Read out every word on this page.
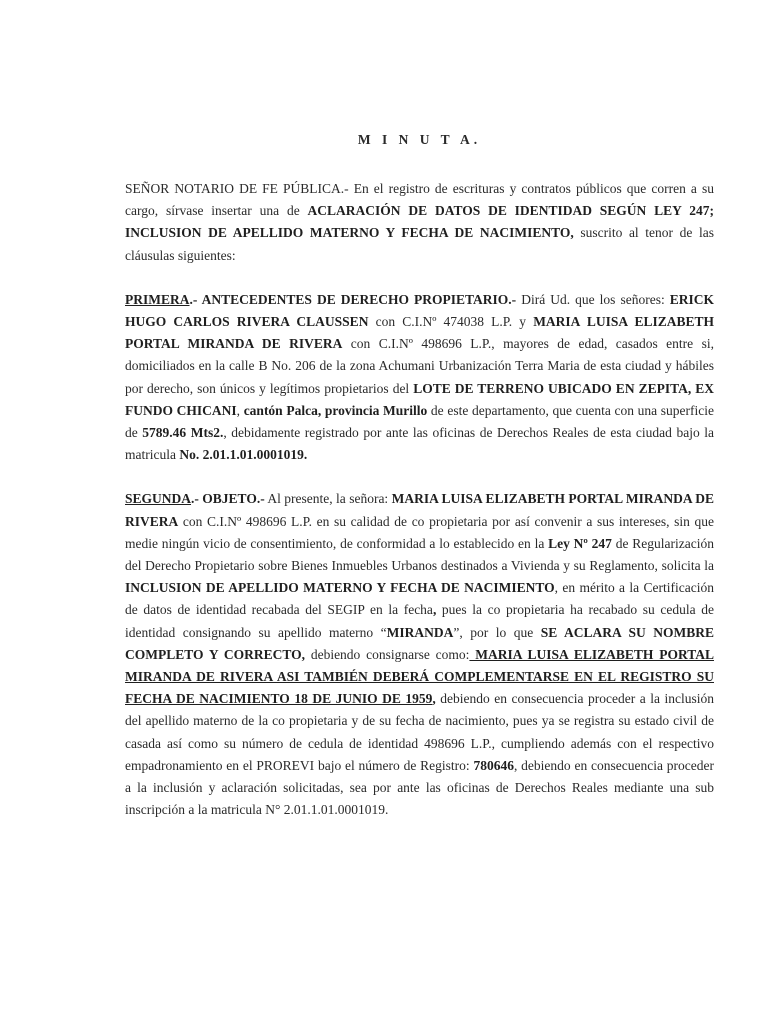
M I N U T A.

SEÑOR NOTARIO DE FE PÚBLICA.- En el registro de escrituras y contratos públicos que corren a su cargo, sírvase insertar una de ACLARACIÓN DE DATOS DE IDENTIDAD SEGÚN LEY 247; INCLUSION DE APELLIDO MATERNO Y FECHA DE NACIMIENTO, suscrito al tenor de las cláusulas siguientes:

PRIMERA.- ANTECEDENTES DE DERECHO PROPIETARIO.- Dirá Ud. que los señores: ERICK HUGO CARLOS RIVERA CLAUSSEN con C.I.Nº 474038 L.P. y MARIA LUISA ELIZABETH PORTAL MIRANDA DE RIVERA con C.I.Nº 498696 L.P., mayores de edad, casados entre si, domiciliados en la calle B No. 206 de la zona Achumani Urbanización Terra Maria de esta ciudad y hábiles por derecho, son únicos y legítimos propietarios del LOTE DE TERRENO UBICADO EN ZEPITA, EX FUNDO CHICANI, cantón Palca, provincia Murillo de este departamento, que cuenta con una superficie de 5789.46 Mts2., debidamente registrado por ante las oficinas de Derechos Reales de esta ciudad bajo la matricula No. 2.01.1.01.0001019.

SEGUNDA.- OBJETO.- Al presente, la señora: MARIA LUISA ELIZABETH PORTAL MIRANDA DE RIVERA con C.I.Nº 498696 L.P. en su calidad de co propietaria por así convenir a sus intereses, sin que medie ningún vicio de consentimiento, de conformidad a lo establecido en la Ley Nº 247 de Regularización del Derecho Propietario sobre Bienes Inmuebles Urbanos destinados a Vivienda y su Reglamento, solicita la INCLUSION DE APELLIDO MATERNO Y FECHA DE NACIMIENTO, en mérito a la Certificación de datos de identidad recabada del SEGIP en la fecha, pues la co propietaria ha recabado su cedula de identidad consignando su apellido materno “MIRANDA”, por lo que SE ACLARA SU NOMBRE COMPLETO Y CORRECTO, debiendo consignarse como: MARIA LUISA ELIZABETH PORTAL MIRANDA DE RIVERA ASI TAMBIÉN DEBERÁ COMPLEMENTARSE EN EL REGISTRO SU FECHA DE NACIMIENTO 18 DE JUNIO DE 1959, debiendo en consecuencia proceder a la inclusión del apellido materno de la co propietaria y de su fecha de nacimiento, pues ya se registra su estado civil de casada así como su número de cedula de identidad 498696 L.P., cumpliendo además con el respectivo empadronamiento en el PROREVI bajo el número de Registro: 780646, debiendo en consecuencia proceder a la inclusión y aclaración solicitadas, sea por ante las oficinas de Derechos Reales mediante una sub inscripción a la matricula N° 2.01.1.01.0001019.
